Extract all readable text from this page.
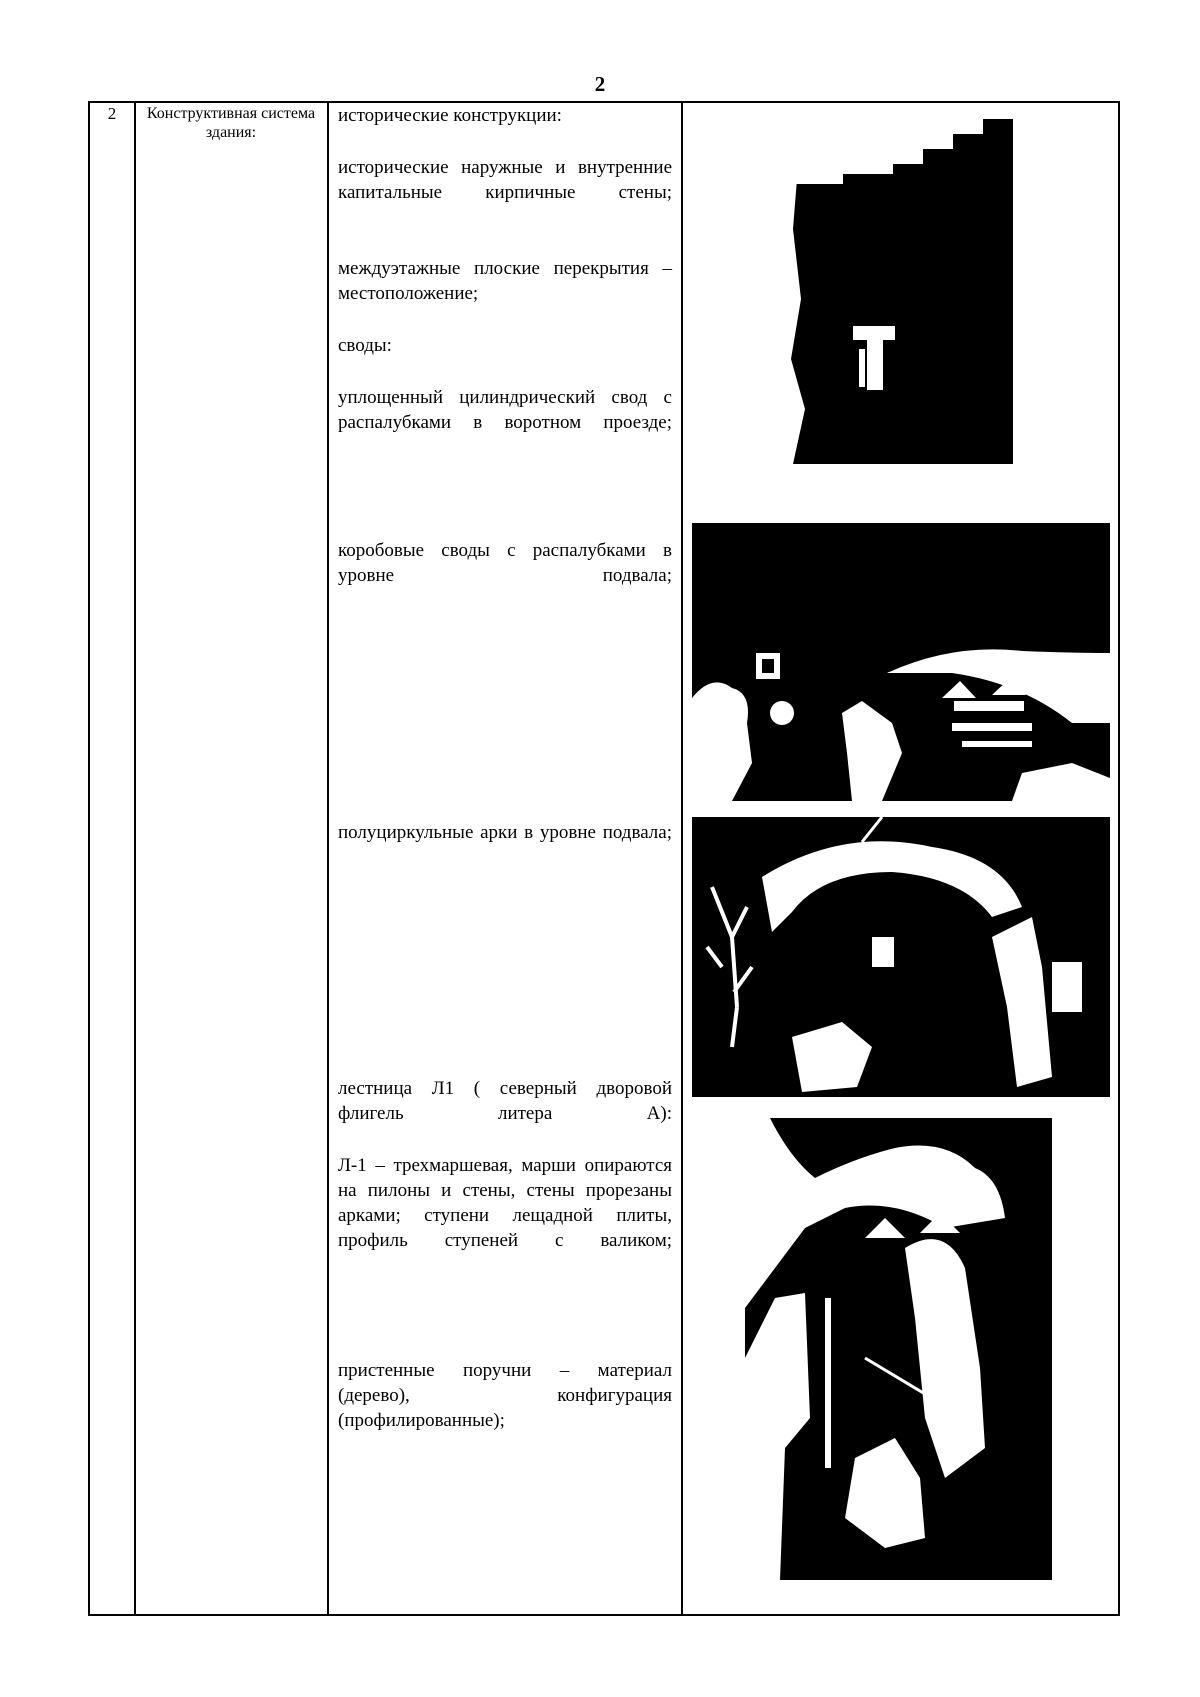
2
2	Конструктивная система здания:
исторические конструкции:
исторические наружные и внутренние капитальные кирпичные стены;
междуэтажные плоские перекрытия – местоположение;
своды:
уплощенный цилиндрический свод с распалубками в воротном проезде;
коробовые своды с распалубками в уровне подвала;
полуциркульные арки в уровне подвала;
лестница Л1 ( северный дворовой флигель литера А):
Л-1 – трехмаршевая, марши опираются на пилоны и стены, стены прорезаны арками; ступени лещадной плиты, профиль ступеней с валиком;
пристенные поручни – материал (дерево), конфигурация (профилированные);
